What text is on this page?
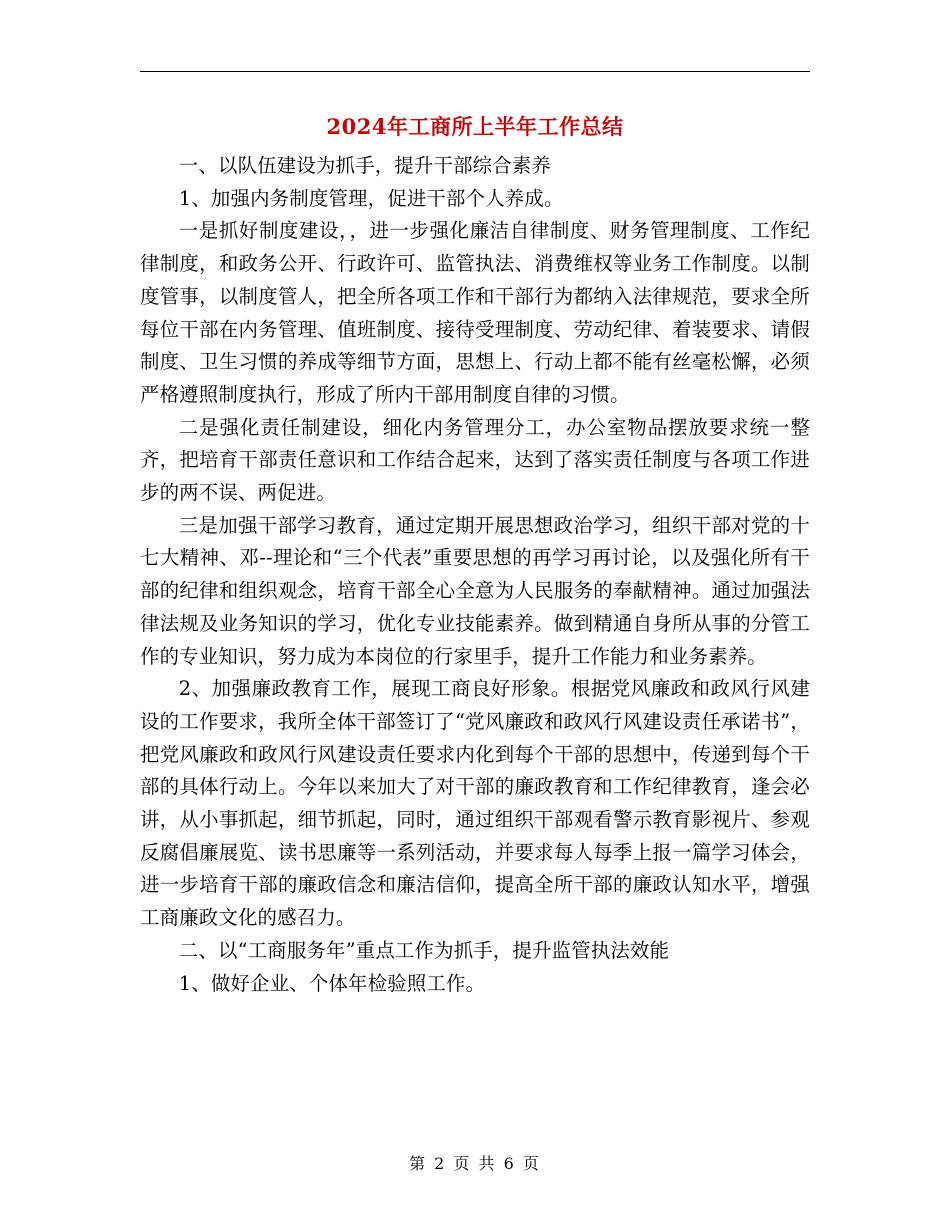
2024年工商所上半年工作总结

一、以队伍建设为抓手，提升干部综合素养

1、加强内务制度管理，促进干部个人养成。

一是抓好制度建设，，进一步强化廉洁自律制度、财务管理制度、工作纪律制度，和政务公开、行政许可、监管执法、消费维权等业务工作制度。以制度管事，以制度管人，把全所各项工作和干部行为都纳入法律规范，要求全所每位干部在内务管理、值班制度、接待受理制度、劳动纪律、着装要求、请假制度、卫生习惯的养成等细节方面，思想上、行动上都不能有丝毫松懈，必须严格遵照制度执行，形成了所内干部用制度自律的习惯。

二是强化责任制建设，细化内务管理分工，办公室物品摆放要求统一整齐，把培育干部责任意识和工作结合起来，达到了落实责任制度与各项工作进步的两不误、两促进。

三是加强干部学习教育，通过定期开展思想政治学习，组织干部对党的十七大精神、邓--理论和“三个代表”重要思想的再学习再讨论，以及强化所有干部的纪律和组织观念，培育干部全心全意为人民服务的奉献精神。通过加强法律法规及业务知识的学习，优化专业技能素养。做到精通自身所从事的分管工作的专业知识，努力成为本岗位的行家里手，提升工作能力和业务素养。

2、加强廉政教育工作，展现工商良好形象。根据党风廉政和政风行风建设的工作要求，我所全体干部签订了“党风廉政和政风行风建设责任承诺书”，把党风廉政和政风行风建设责任要求内化到每个干部的思想中，传递到每个干部的具体行动上。今年以来加大了对干部的廉政教育和工作纪律教育，逢会必讲，从小事抓起，细节抓起，同时，通过组织干部观看警示教育影视片、参观反腐倡廉展览、读书思廉等一系列活动，并要求每人每季上报一篇学习体会，进一步培育干部的廉政信念和廉洁信仰，提高全所干部的廉政认知水平，增强工商廉政文化的感召力。

二、以“工商服务年”重点工作为抓手，提升监管执法效能

1、做好企业、个体年检验照工作。

第 2 页 共 6 页
